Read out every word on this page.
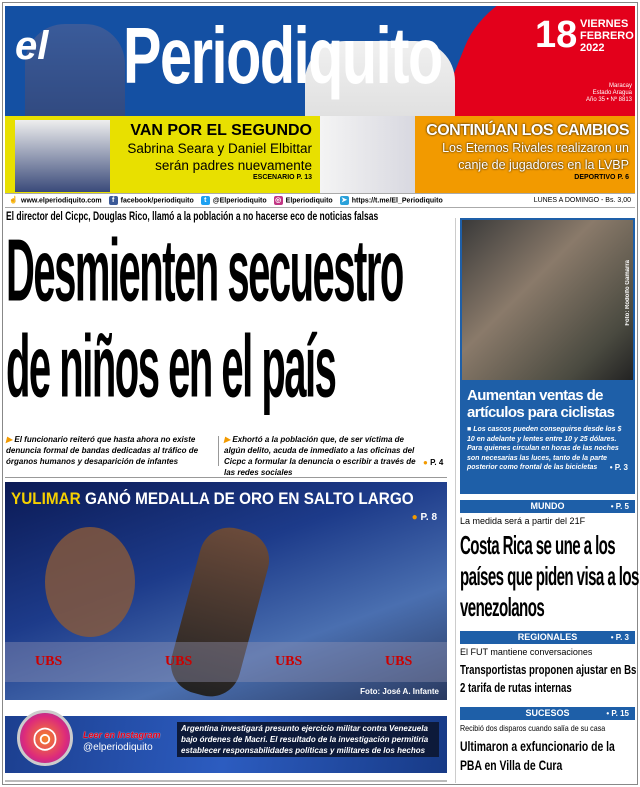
el Periodiquito 18 VIERNES
FEBRERO
2022
Maracay
Estado Aragua
Año 35 • Nº 8813
VAN POR EL SEGUNDO
Sabrina Seara y Daniel Elbittar serán padres nuevamente
ESCENARIO P. 13
CONTINÚAN LOS CAMBIOS
Los Eternos Rivales realizaron un canje de jugadores en la LVBP
DEPORTIVO P. 6
☝ www.elperiodiquito.com	f facebook/periodiquito	t @Elperiodiquito ◎ Elperiodiquito ➤ https://t.me/El_Periodiquito	LUNES A DOMINGO - Bs. 3,00
El director del Cicpc, Douglas Rico, llamó a la población a no hacerse eco de noticias falsas
Desmienten secuestro
de niños en el país
▶ El funcionario reiteró que hasta ahora no existe denuncia formal de bandas dedicadas al tráfico de órganos humanos y desaparición de infantes
▶ Exhortó a la población que, de ser víctima de algún delito, acuda de inmediato a las oficinas del Cicpc a formular la denuncia o escribir a través de las redes sociales
● P. 4
YULIMAR GANÓ MEDALLA DE ORO EN SALTO LARGO
● P. 8
UBS	UBS	UBS	UBS
Foto: José A. Infante
◎	Leer en Instagram
@elperiodiquito
Argentina investigará presunto ejercicio militar contra Venezuela bajo órdenes de Macri. El resultado de la investigación permitiría establecer responsabilidades políticas y militares de los hechos
Foto: Rodolfo Gamarra
Aumentan ventas de artículos para ciclistas
■ Los cascos pueden conseguirse desde los $ 10 en adelante y lentes entre 10 y 25 dólares. Para quienes circulan en horas de las noches son necesarias las luces, tanto de la parte posterior como frontal de las bicicletas • P. 3
MUNDO	• P. 5
La medida será a partir del 21F
Costa Rica se une a los países que piden visa a los venezolanos
REGIONALES	• P. 3
El FUT mantiene conversaciones
Transportistas proponen ajustar en Bs 2 tarifa de rutas internas
SUCESOS	• P. 15
Recibió dos disparos cuando salía de su casa
Ultimaron a exfuncionario de la PBA en Villa de Cura
